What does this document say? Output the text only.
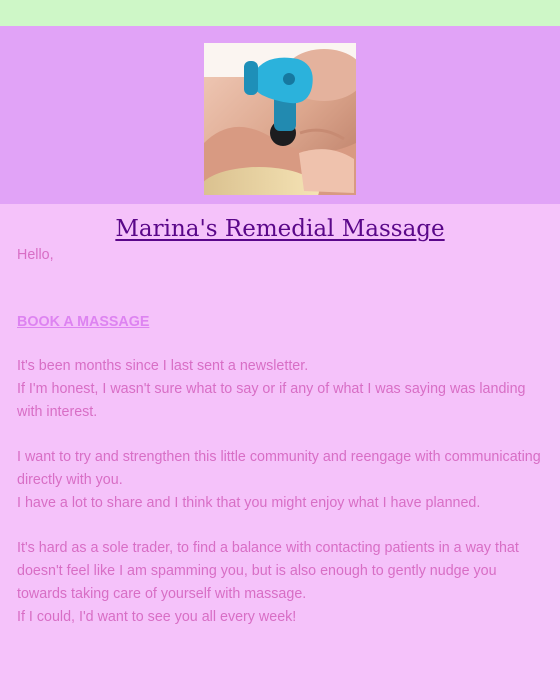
Marina's Remedial Massage

Hello,

BOOK A MASSAGE

It's been months since I last sent a newsletter.

If I'm honest, I wasn't sure what to say or if any of what I was saying was landing with interest.

I want to try and strengthen this little community and reengage with communicating directly with you.

I have a lot to share and I think that you might enjoy what I have planned.

It's hard as a sole trader, to find a balance with contacting patients in a way that doesn't feel like I am spamming you, but is also enough to gently nudge you towards taking care of yourself with massage.

If I could, I'd want to see you all every week!
